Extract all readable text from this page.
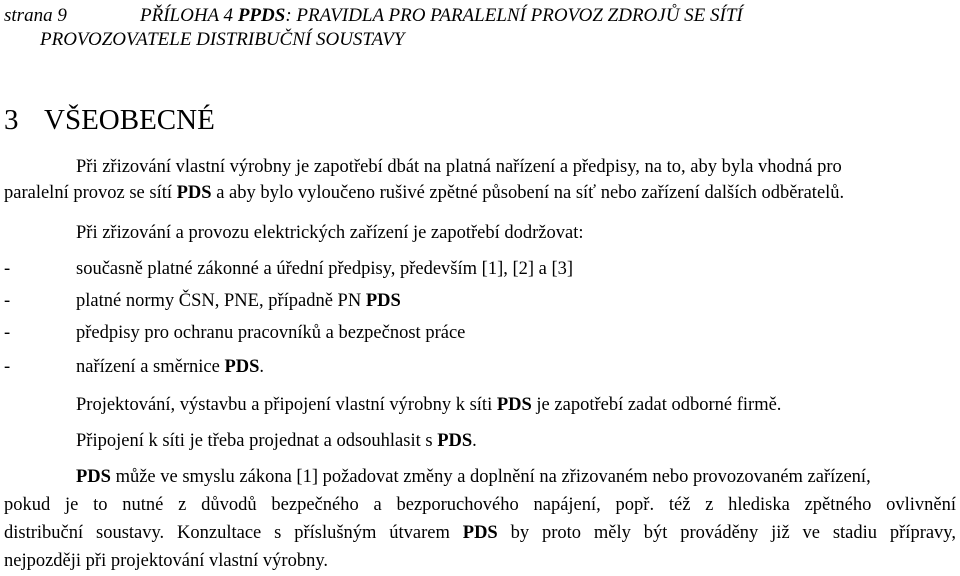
strana 9	PŘÍLOHA 4 PPDS: PRAVIDLA PRO PARALELNÍ PROVOZ ZDROJŮ SE SÍTÍ
PROVOZOVATELE DISTRIBUČNÍ SOUSTAVY
3 VŠEOBECNÉ
Při zřizování vlastní výrobny je zapotřebí dbát na platná nařízení a předpisy, na to, aby byla vhodná pro
paralelní provoz se sítí PDS a aby bylo vyloučeno rušivé zpětné působení na síť nebo zařízení dalších odběratelů.
Při zřizování a provozu elektrických zařízení je zapotřebí dodržovat:
-	současně platné zákonné a úřední předpisy, především [1], [2] a [3]
-	platné normy ČSN, PNE, případně PN PDS
-	předpisy pro ochranu pracovníků a bezpečnost práce
-	nařízení a směrnice PDS.
Projektování, výstavbu a připojení vlastní výrobny k síti PDS je zapotřebí zadat odborné firmě.
Připojení k síti je třeba projednat a odsouhlasit s PDS.
PDS může ve smyslu zákona [1] požadovat změny a doplnění na zřizovaném nebo provozovaném zařízení,
pokud je to nutné z důvodů bezpečného a bezporuchového napájení, popř. též z hlediska zpětného ovlivnění
distribuční soustavy. Konzultace s příslušným útvarem PDS by proto měly být prováděny již ve stadiu přípravy,
nejpozději při projektování vlastní výrobny.
